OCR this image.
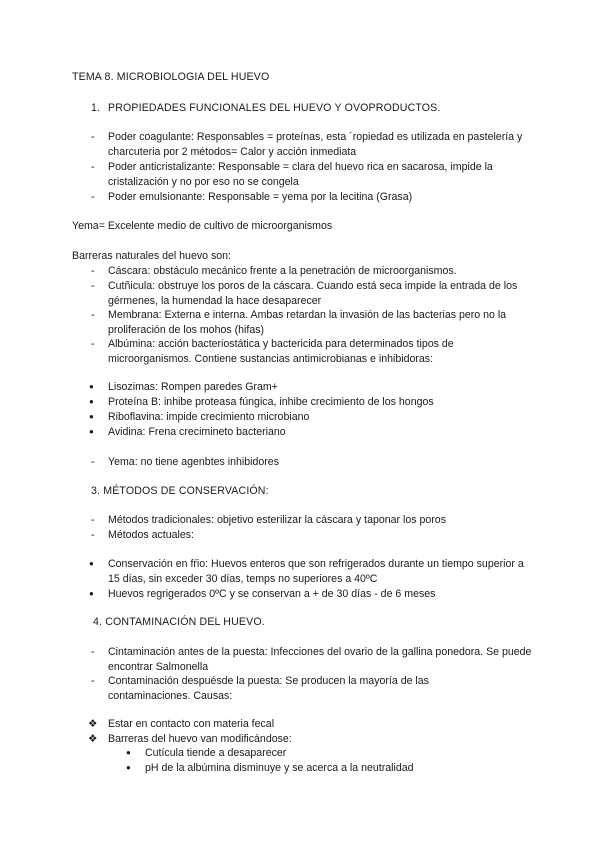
TEMA 8. MICROBIOLOGIA DEL HUEVO
1. PROPIEDADES FUNCIONALES DEL HUEVO Y OVOPRODUCTOS.
- Poder coagulante: Responsables = proteínas, esta ´ropiedad es utilizada en pastelería y charcuteria por 2 métodos= Calor y acción inmediata
- Poder anticristalizante: Responsable = clara del huevo rica en sacarosa, impide la cristalización y no por eso no se congela
- Poder emulsionante: Responsable = yema por la lecitina (Grasa)
Yema= Excelente medio de cultivo de microorganismos
Barreras naturales del huevo son:
- Cáscara: obstáculo mecánico frente a la penetración de microorganismos.
- Cutñicula: obstruye los poros de la cáscara. Cuando está seca impide la entrada de los gérmenes, la humendad la hace desaparecer
- Membrana: Externa e interna. Ambas retardan la invasión de las bacterias pero no la proliferación de los mohos (hifas)
- Albúmina: acción bacteriostática y bactericida para determinados tipos de microorganismos. Contiene sustancias antimicrobianas e inhibidoras:
● Lisozimas: Rompen paredes Gram+
● Proteína B: inhibe proteasa fúngica, inhibe crecimiento de los hongos
● Riboflavina: impide crecimiento microbiano
● Avidina: Frena crecimineto bacteriano
- Yema: no tiene agenbtes inhibidores
3. MÉTODOS DE CONSERVACIÓN:
- Métodos tradicionales: objetivo esterilizar la cáscara y taponar los poros
- Métodos actuales:
● Conservación en fŕio: Huevos enteros que son refrigerados durante un tiempo superior a 15 días, sin exceder 30 días, temps no superiores a 40ºC
● Huevos regrigerados 0ºC y se conservan a + de 30 días - de 6 meses
4. CONTAMINACIÓN DEL HUEVO.
- Cintaminación antes de la puesta: Infecciones del ovario de la gallina ponedora. Se puede encontrar Salmonella
- Contaminación despuésde la puesta: Se producen la mayoría de las contaminaciones. Causas:
❖ Estar en contacto con materia fecal
❖ Barreras del huevo van modificándose:
● Cutícula tiende a desaparecer
● pH de la albúmina disminuye y se acerca a la neutralidad
